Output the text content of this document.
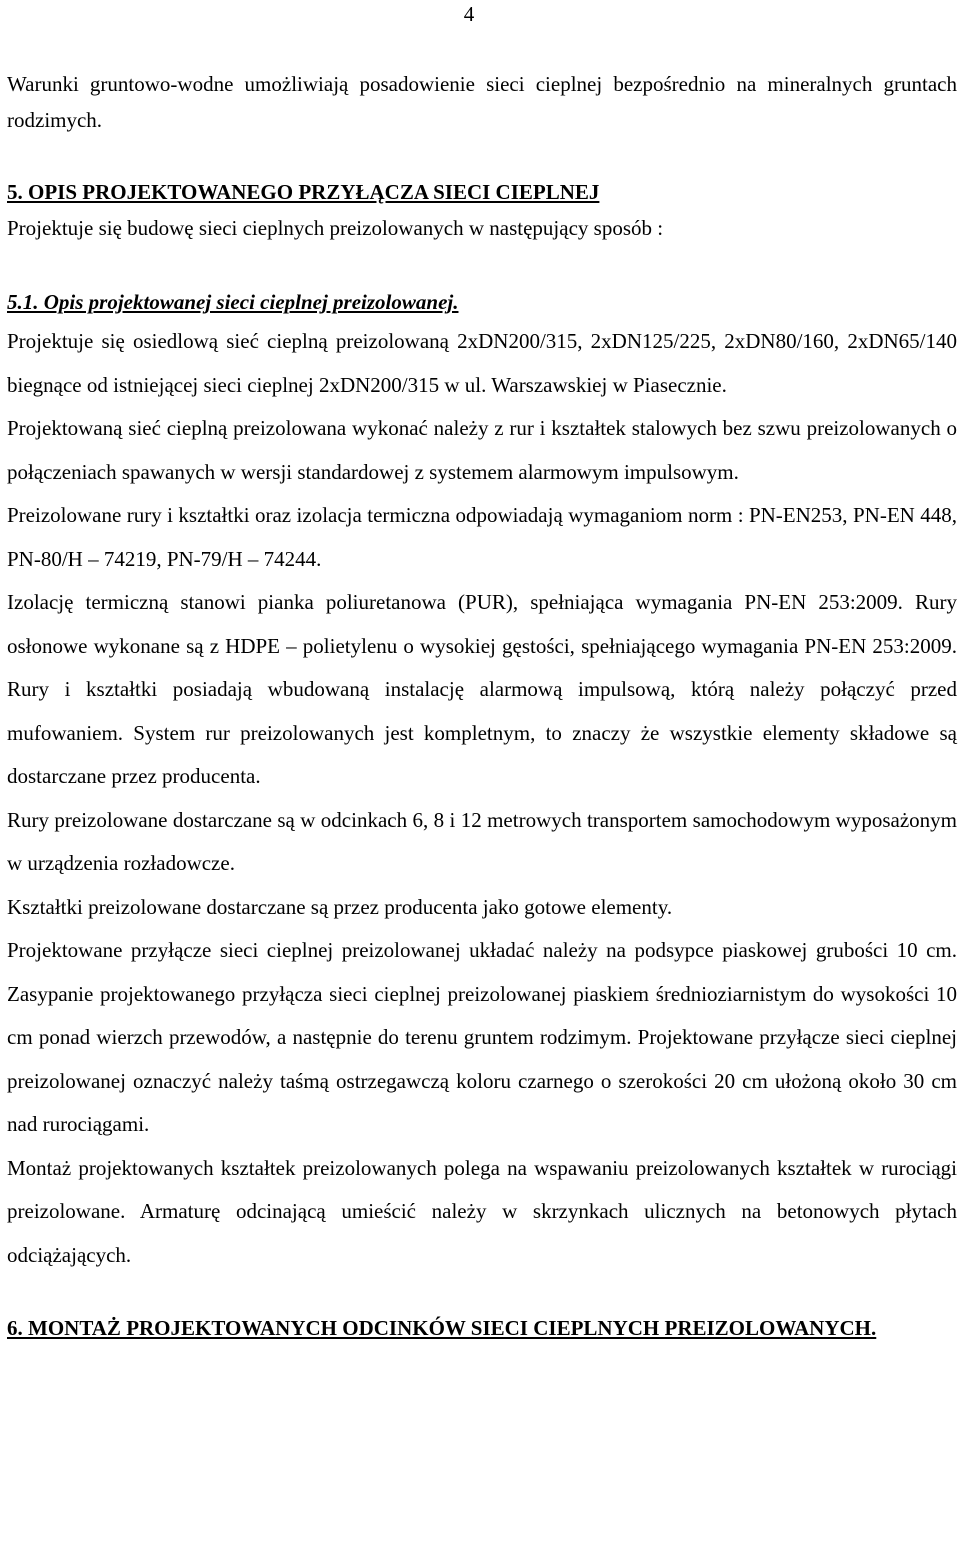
4

Warunki gruntowo-wodne umożliwiają posadowienie sieci cieplnej bezpośrednio na mineralnych gruntach rodzimych.

5. OPIS PROJEKTOWANEGO PRZYŁĄCZA SIECI CIEPLNEJ

Projektuje się budowę sieci cieplnych preizolowanych w następujący sposób :

5.1. Opis projektowanej sieci cieplnej preizolowanej.

Projektuje się osiedlową sieć cieplną preizolowaną 2xDN200/315, 2xDN125/225, 2xDN80/160, 2xDN65/140 biegnące od istniejącej sieci cieplnej 2xDN200/315 w ul. Warszawskiej w Piasecznie.

Projektowaną sieć cieplną preizolowana wykonać należy z rur i kształtek stalowych bez szwu preizolowanych o połączeniach spawanych w wersji standardowej z systemem alarmowym impulsowym.

Preizolowane rury i kształtki oraz izolacja termiczna odpowiadają wymaganiom norm : PN-EN253, PN-EN 448, PN-80/H – 74219, PN-79/H – 74244.

Izolację termiczną stanowi pianka poliuretanowa (PUR), spełniająca wymagania PN-EN 253:2009. Rury osłonowe wykonane są z HDPE – polietylenu o wysokiej gęstości, spełniającego wymagania PN-EN 253:2009. Rury i kształtki posiadają wbudowaną instalację alarmową impulsową, którą należy połączyć przed mufowaniem. System rur preizolowanych jest kompletnym, to znaczy że wszystkie elementy składowe są dostarczane przez producenta.

Rury preizolowane dostarczane są w odcinkach 6, 8 i 12 metrowych transportem samochodowym wyposażonym w urządzenia rozładowcze.

Kształtki preizolowane dostarczane są przez producenta jako gotowe elementy.

Projektowane przyłącze sieci cieplnej preizolowanej układać należy na podsypce piaskowej grubości 10 cm. Zasypanie projektowanego przyłącza sieci cieplnej preizolowanej piaskiem średnioziarnistym do wysokości 10 cm ponad wierzch przewodów, a następnie do terenu gruntem rodzimym. Projektowane przyłącze sieci cieplnej preizolowanej oznaczyć należy taśmą ostrzegawczą koloru czarnego o szerokości 20 cm ułożoną około 30 cm nad rurociągami.

Montaż projektowanych kształtek preizolowanych polega na wspawaniu preizolowanych kształtek w rurociągi preizolowane. Armaturę odcinającą umieścić należy w skrzynkach ulicznych na betonowych płytach odciążających.

6. MONTAŻ PROJEKTOWANYCH ODCINKÓW SIECI CIEPLNYCH PREIZOLOWANYCH.
